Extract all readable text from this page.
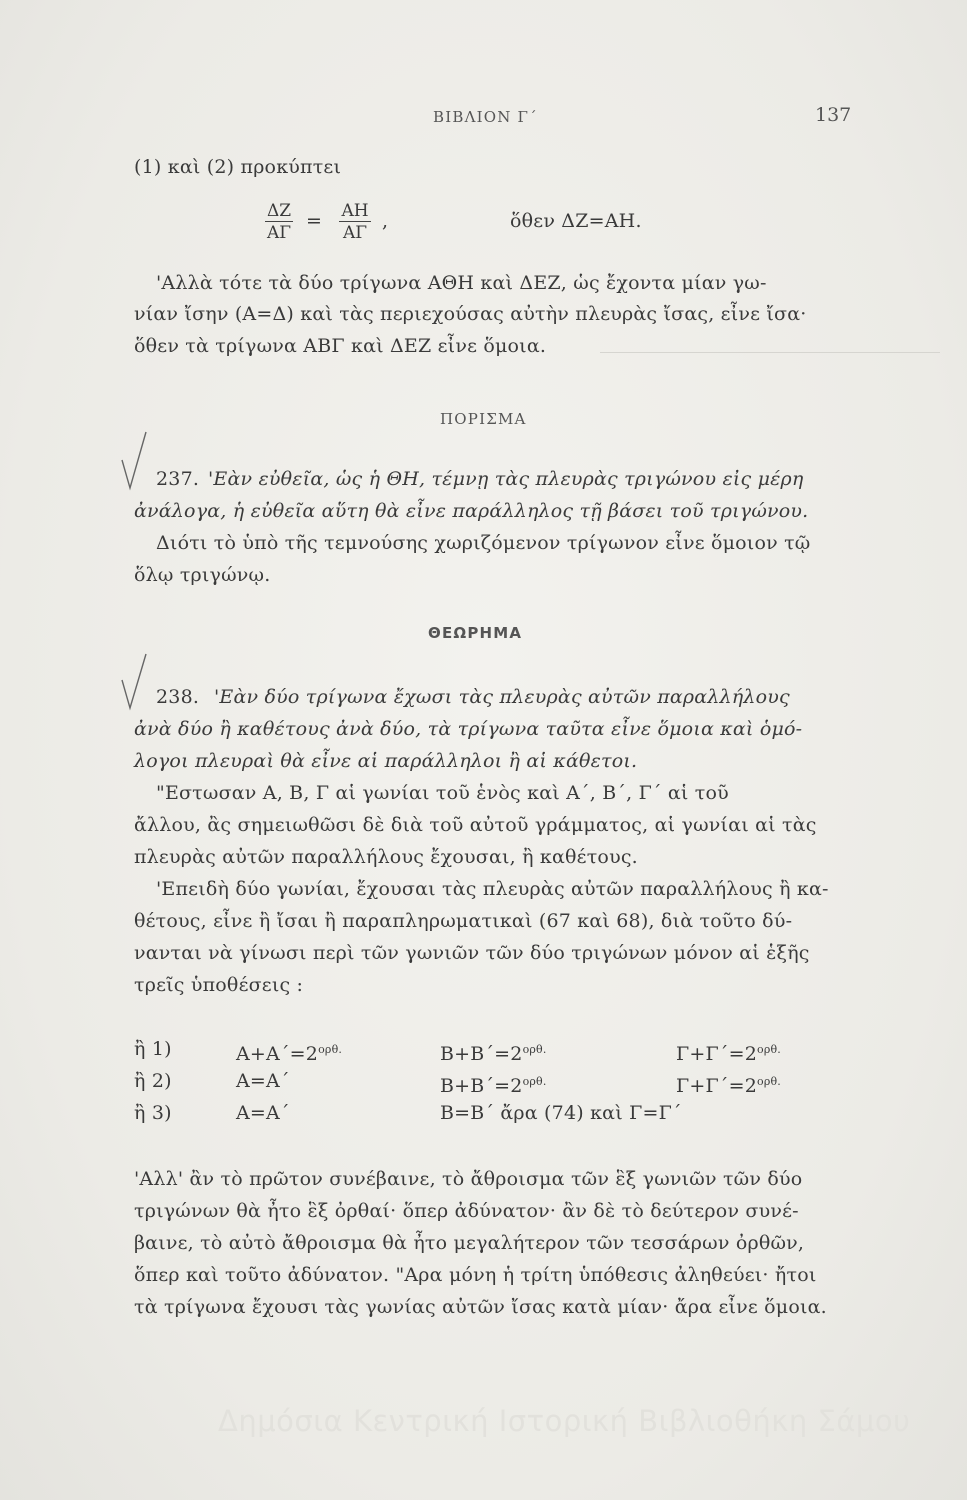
ΒΙΒΛΙΟΝ Γ΄	137
(1) καὶ (2) προκύπτει
ΔΖ
ΑΓ
=	ΑΗ
ΑΓ
,	ὅθεν ΔΖ=ΑΗ.
'Αλλὰ τότε τὰ δύο τρίγωνα ΑΘΗ καὶ ΔΕΖ, ὡς ἔχοντα μίαν γω-
νίαν ἴσην (Α=Δ) καὶ τὰς περιεχούσας αὐτὴν πλευρὰς ἴσας, εἶνε ἴσα·
ὅθεν τὰ τρίγωνα ΑΒΓ καὶ ΔΕΖ εἶνε ὅμοια.
ΠΟΡΙΣΜΑ
237. 'Εὰν εὐθεῖα, ὡς ἡ ΘΗ, τέμνῃ τὰς πλευρὰς τριγώνου εἰς μέρη
ἀνάλογα, ἡ εὐθεῖα αὕτη θὰ εἶνε παράλληλος τῇ βάσει τοῦ τριγώνου.
Διότι τὸ ὑπὸ τῆς τεμνούσης χωριζόμενον τρίγωνον εἶνε ὅμοιον τῷ
ὅλῳ τριγώνῳ.
ΘΕΩΡΗΜΑ
238. 'Εὰν δύο τρίγωνα ἔχωσι τὰς πλευρὰς αὐτῶν παραλλήλους
ἀνὰ δύο ἢ καθέτους ἀνὰ δύο, τὰ τρίγωνα ταῦτα εἶνε ὅμοια καὶ ὁμό-
λογοι πλευραὶ θὰ εἶνε αἱ παράλληλοι ἢ αἱ κάθετοι.
"Εστωσαν Α, Β, Γ αἱ γωνίαι τοῦ ἑνὸς καὶ Α΄, Β΄, Γ΄ αἱ τοῦ
ἄλλου, ἂς σημειωθῶσι δὲ διὰ τοῦ αὐτοῦ γράμματος, αἱ γωνίαι αἱ τὰς
πλευρὰς αὐτῶν παραλλήλους ἔχουσαι, ἢ καθέτους.
'Επειδὴ δύο γωνίαι, ἔχουσαι τὰς πλευρὰς αὐτῶν παραλλήλους ἢ κα-
θέτους, εἶνε ἢ ἴσαι ἢ παραπληρωματικαὶ (67 καὶ 68), διὰ τοῦτο δύ-
νανται νὰ γίνωσι περὶ τῶν γωνιῶν τῶν δύο τριγώνων μόνον αἱ ἑξῆς
τρεῖς ὑποθέσεις :
ἢ 1)	$A+A΄=2^{o\rho\theta.}$	$B+B΄=2^{o\rho\theta.}$	$\Gamma+\Gamma΄=2^{o\rho\theta.}$
ἢ 2)	Α=Α΄	$B+B΄=2^{o\rho\theta.}$	$\Gamma+\Gamma΄=2^{o\rho\theta.}$
ἢ 3)	Α=Α΄	Β=Β΄ ἄρα (74) καὶ Γ=Γ΄
'Αλλ' ἂν τὸ πρῶτον συνέβαινε, τὸ ἄθροισμα τῶν ἓξ γωνιῶν τῶν δύο
τριγώνων θὰ ἦτο ἓξ ὀρθαί· ὅπερ ἀδύνατον· ἂν δὲ τὸ δεύτερον συνέ-
βαινε, τὸ αὐτὸ ἄθροισμα θὰ ἦτο μεγαλήτερον τῶν τεσσάρων ὀρθῶν,
ὅπερ καὶ τοῦτο ἀδύνατον. "Αρα μόνη ἡ τρίτη ὑπόθεσις ἀληθεύει· ἤτοι
τὰ τρίγωνα ἔχουσι τὰς γωνίας αὐτῶν ἴσας κατὰ μίαν· ἄρα εἶνε ὅμοια.
Δημόσια Κεντρική Ιστορική Βιβλιοθήκη Σάμου
